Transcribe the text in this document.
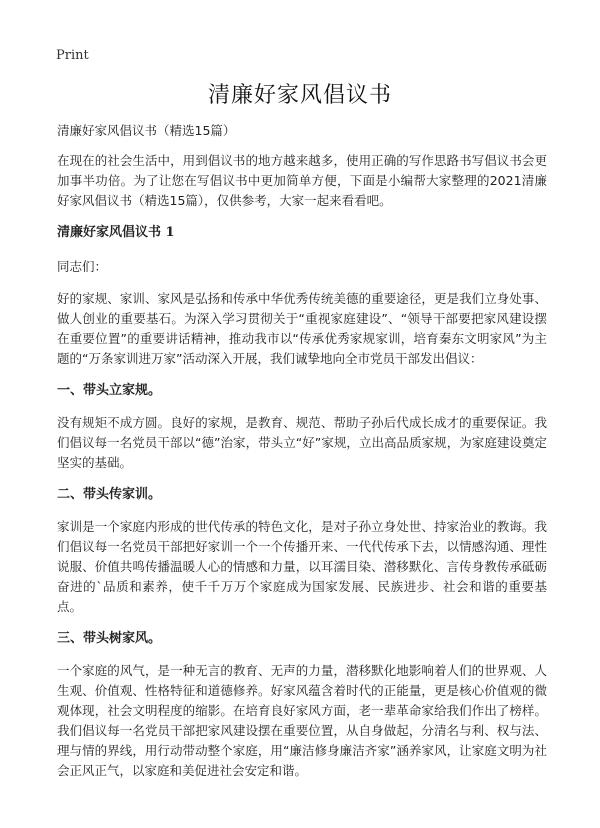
Print
清廉好家风倡议书

清廉好家风倡议书（精选15篇）

在现在的社会生活中，用到倡议书的地方越来越多，使用正确的写作思路书写倡议书会更加事半功倍。为了让您在写倡议书中更加简单方便，下面是小编帮大家整理的2021清廉好家风倡议书（精选15篇），仅供参考，大家一起来看看吧。

清廉好家风倡议书 1

同志们：

好的家规、家训、家风是弘扬和传承中华优秀传统美德的重要途径，更是我们立身处事、做人创业的重要基石。为深入学习贯彻关于“重视家庭建设”、“领导干部要把家风建设摆在重要位置”的重要讲话精神，推动我市以“传承优秀家规家训，培育秦东文明家风”为主题的“万条家训进万家”活动深入开展，我们诚挚地向全市党员干部发出倡议：

一、带头立家规。

没有规矩不成方圆。良好的家规，是教育、规范、帮助子孙后代成长成才的重要保证。我们倡议每一名党员干部以“德”治家，带头立“好”家规，立出高品质家规，为家庭建设奠定坚实的基础。

二、带头传家训。

家训是一个家庭内形成的世代传承的特色文化，是对子孙立身处世、持家治业的教诲。我们倡议每一名党员干部把好家训一个一个传播开来、一代代传承下去，以情感沟通、理性说服、价值共鸣传播温暖人心的情感和力量，以耳濡目染、潜移默化、言传身教传承砥砺奋进的`品质和素养，使千千万万个家庭成为国家发展、民族进步、社会和谐的重要基点。

三、带头树家风。

一个家庭的风气，是一种无言的教育、无声的力量，潜移默化地影响着人们的世界观、人生观、价值观、性格特征和道德修养。好家风蕴含着时代的正能量，更是核心价值观的微观体现，社会文明程度的缩影。在培育良好家风方面，老一辈革命家给我们作出了榜样。我们倡议每一名党员干部把家风建设摆在重要位置，从自身做起，分清名与利、权与法、理与情的界线，用行动带动整个家庭，用“廉洁修身廉洁齐家”涵养家风，让家庭文明为社会正风正气，以家庭和美促进社会安定和谐。
